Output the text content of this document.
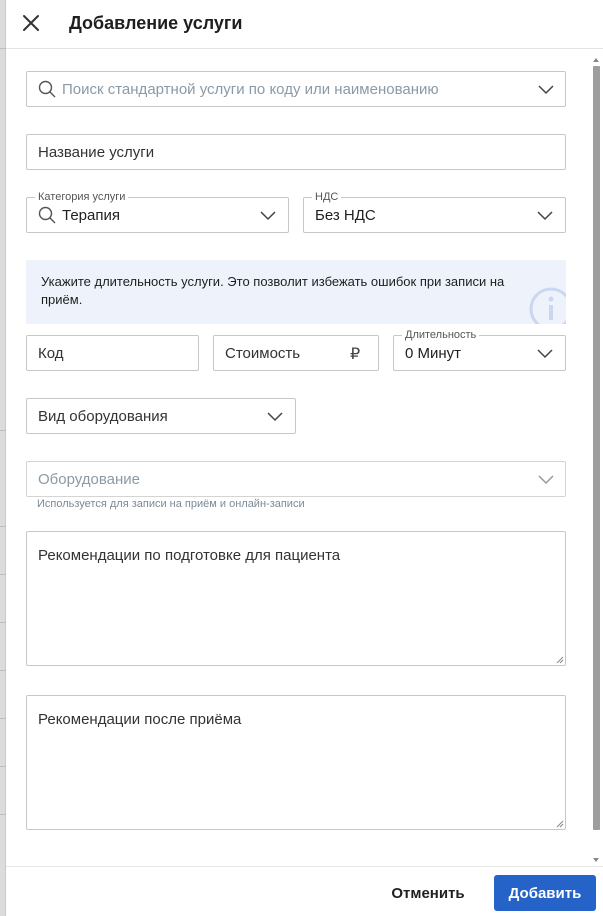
Добавление услуги
Поиск стандартной услуги по коду или наименованию
Название услуги
Категория услуги
Терапия
НДС
Без НДС
Укажите длительность услуги. Это позволит избежать ошибок при записи на приём.
Код	Стоимость	₽
Длительность
0 Минут
Вид оборудования
Оборудование
Используется для записи на приём и онлайн-записи
Рекомендации по подготовке для пациента
Рекомендации после приёма
Отменить	Добавить
